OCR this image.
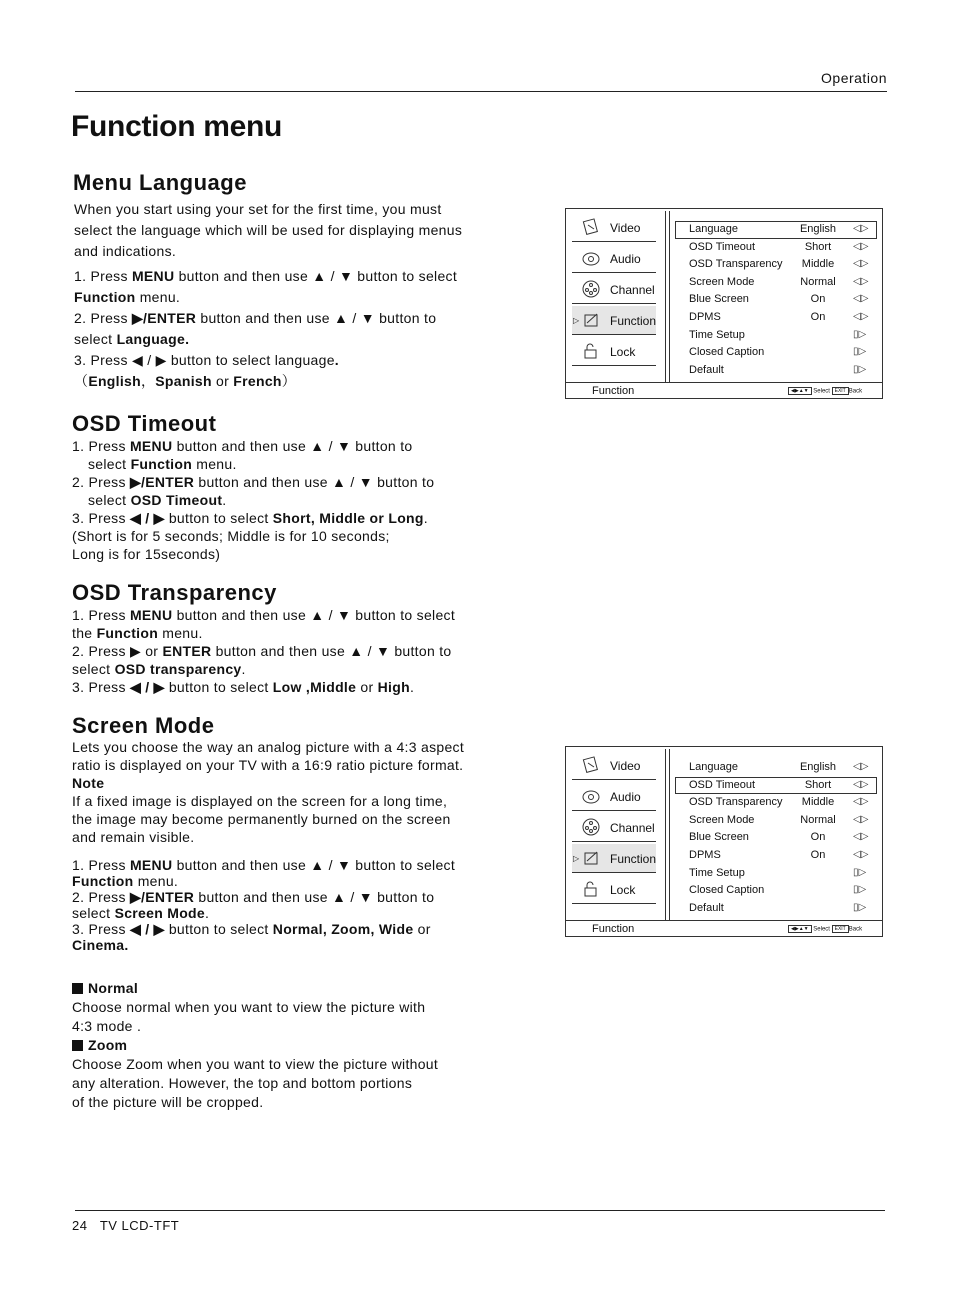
Operation
Function menu
Menu Language

When you start using your set for the first time, you must

select the language which will be used for displaying menus

and indications.

1. Press MENU button and then use ▲ / ▼ button to select

Function menu.

2. Press ▶/ENTER button and then use ▲ / ▼ button to

select Language.

3. Press ◀ / ▶ button to select language.

（English，Spanish or French）

OSD Timeout

1. Press MENU button and then use ▲ / ▼ button to

select Function menu.

2. Press ▶/ENTER button and then use ▲ / ▼ button to

select OSD Timeout.

3. Press ◀ / ▶ button to select Short, Middle or Long.

(Short is for 5 seconds; Middle is for 10 seconds;

Long is for 15seconds)

OSD Transparency

1. Press MENU button and then use ▲ / ▼ button to select

the Function menu.

2. Press ▶ or ENTER button and then use ▲ / ▼ button to

select OSD transparency.

3. Press ◀ / ▶ button to select Low ,Middle or High.

Screen Mode

Lets you choose the way an analog picture with a 4:3 aspect

ratio is displayed on your TV with a 16:9 ratio picture format.

Note

If a fixed image is displayed on the screen for a long time,

the image may become permanently burned on the screen

and remain visible.

1. Press MENU button and then use ▲ / ▼ button to select

Function menu.

2. Press ▶/ENTER button and then use ▲ / ▼ button to

select Screen Mode.

3. Press ◀ / ▶ button to select Normal, Zoom, Wide or

Cinema.

Normal

Choose normal when you want to view the picture with

4:3 mode .

Zoom

Choose Zoom when you want to view the picture without

any alteration. However, the top and bottom portions

of the picture will be cropped.

Video
Audio
Channel
▷	Function
Lock
Language	English	◁▷
OSD Timeout	Short	◁▷
OSD Transparency	Middle	◁▷
Screen Mode	Normal	◁▷
Blue Screen	On	◁▷
DPMS	On	◁▷
Time Setup	▯▷
Closed Caption	▯▷
Default	▯▷
Function	◀▶▲▼ Select EXIT Back
Video
Audio
Channel
▷	Function
Lock
Language	English	◁▷
OSD Timeout	Short	◁▷
OSD Transparency	Middle	◁▷
Screen Mode	Normal	◁▷
Blue Screen	On	◁▷
DPMS	On	◁▷
Time Setup	▯▷
Closed Caption	▯▷
Default	▯▷
Function	◀▶▲▼ Select EXIT Back
24 TV LCD-TFT
